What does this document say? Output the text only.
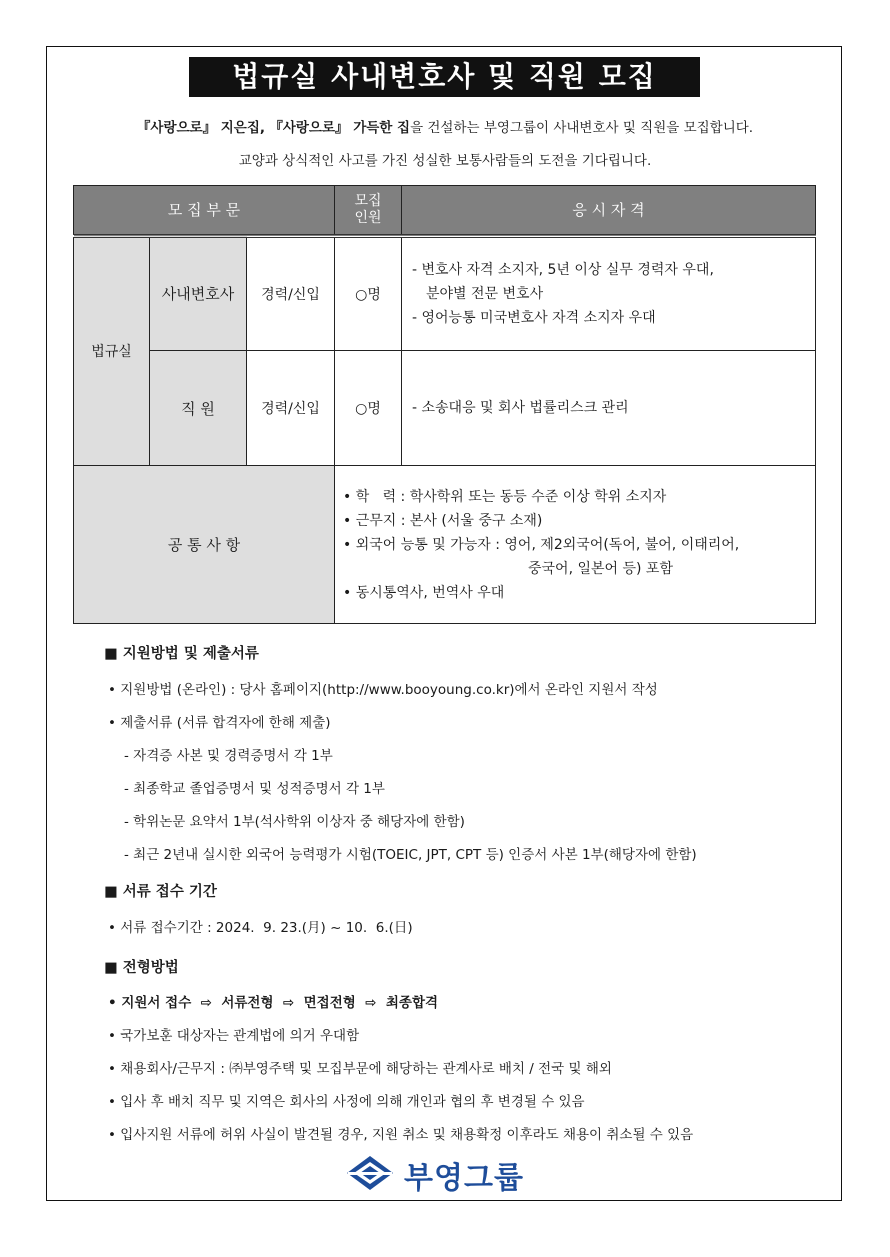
법규실 사내변호사 및 직원 모집
『사랑으로』 지은집, 『사랑으로』 가득한 집을 건설하는 부영그룹이 사내변호사 및 직원을 모집합니다.
교양과 상식적인 사고를 가진 성실한 보통사람들의 도전을 기다립니다.
모 집 부 문			모집
인원	응 시 자 격
법규실	사내변호사	경력/신입	○명	- 변호사 자격 소지자, 5년 이상 실무 경력자 우대,
분야별 전문 변호사
- 영어능통 미국변호사 자격 소지자 우대

	직 원	경력/신입	○명	- 소송대응 및 회사 법률리스크 관리

공 통 사 항			• 학   력 : 학사학위 또는 동등 수준 이상 학위 소지자
• 근무지 : 본사 (서울 중구 소재)
• 외국어 능통 및 가능자 : 영어, 제2외국어(독어, 불어, 이태리어,
중국어, 일본어 등) 포함
• 동시통역사, 번역사 우대	
■ 지원방법 및 제출서류
• 지원방법 (온라인) : 당사 홈페이지(http://www.booyoung.co.kr)에서 온라인 지원서 작성
• 제출서류 (서류 합격자에 한해 제출)
- 자격증 사본 및 경력증명서 각 1부
- 최종학교 졸업증명서 및 성적증명서 각 1부
- 학위논문 요약서 1부(석사학위 이상자 중 해당자에 한함)
- 최근 2년내 실시한 외국어 능력평가 시험(TOEIC, JPT, CPT 등) 인증서 사본 1부(해당자에 한함)
■ 서류 접수 기간
• 서류 접수기간 : 2024.  9. 23.(月) ~ 10.  6.(日)
■ 전형방법
• 지원서 접수  ⇨  서류전형  ⇨  면접전형  ⇨  최종합격
• 국가보훈 대상자는 관계법에 의거 우대함
• 채용회사/근무지 : ㈜부영주택 및 모집부문에 해당하는 관계사로 배치 / 전국 및 해외
• 입사 후 배치 직무 및 지역은 회사의 사정에 의해 개인과 협의 후 변경될 수 있음
• 입사지원 서류에 허위 사실이 발견될 경우, 지원 취소 및 채용확정 이후라도 채용이 취소될 수 있음
부영그룹
